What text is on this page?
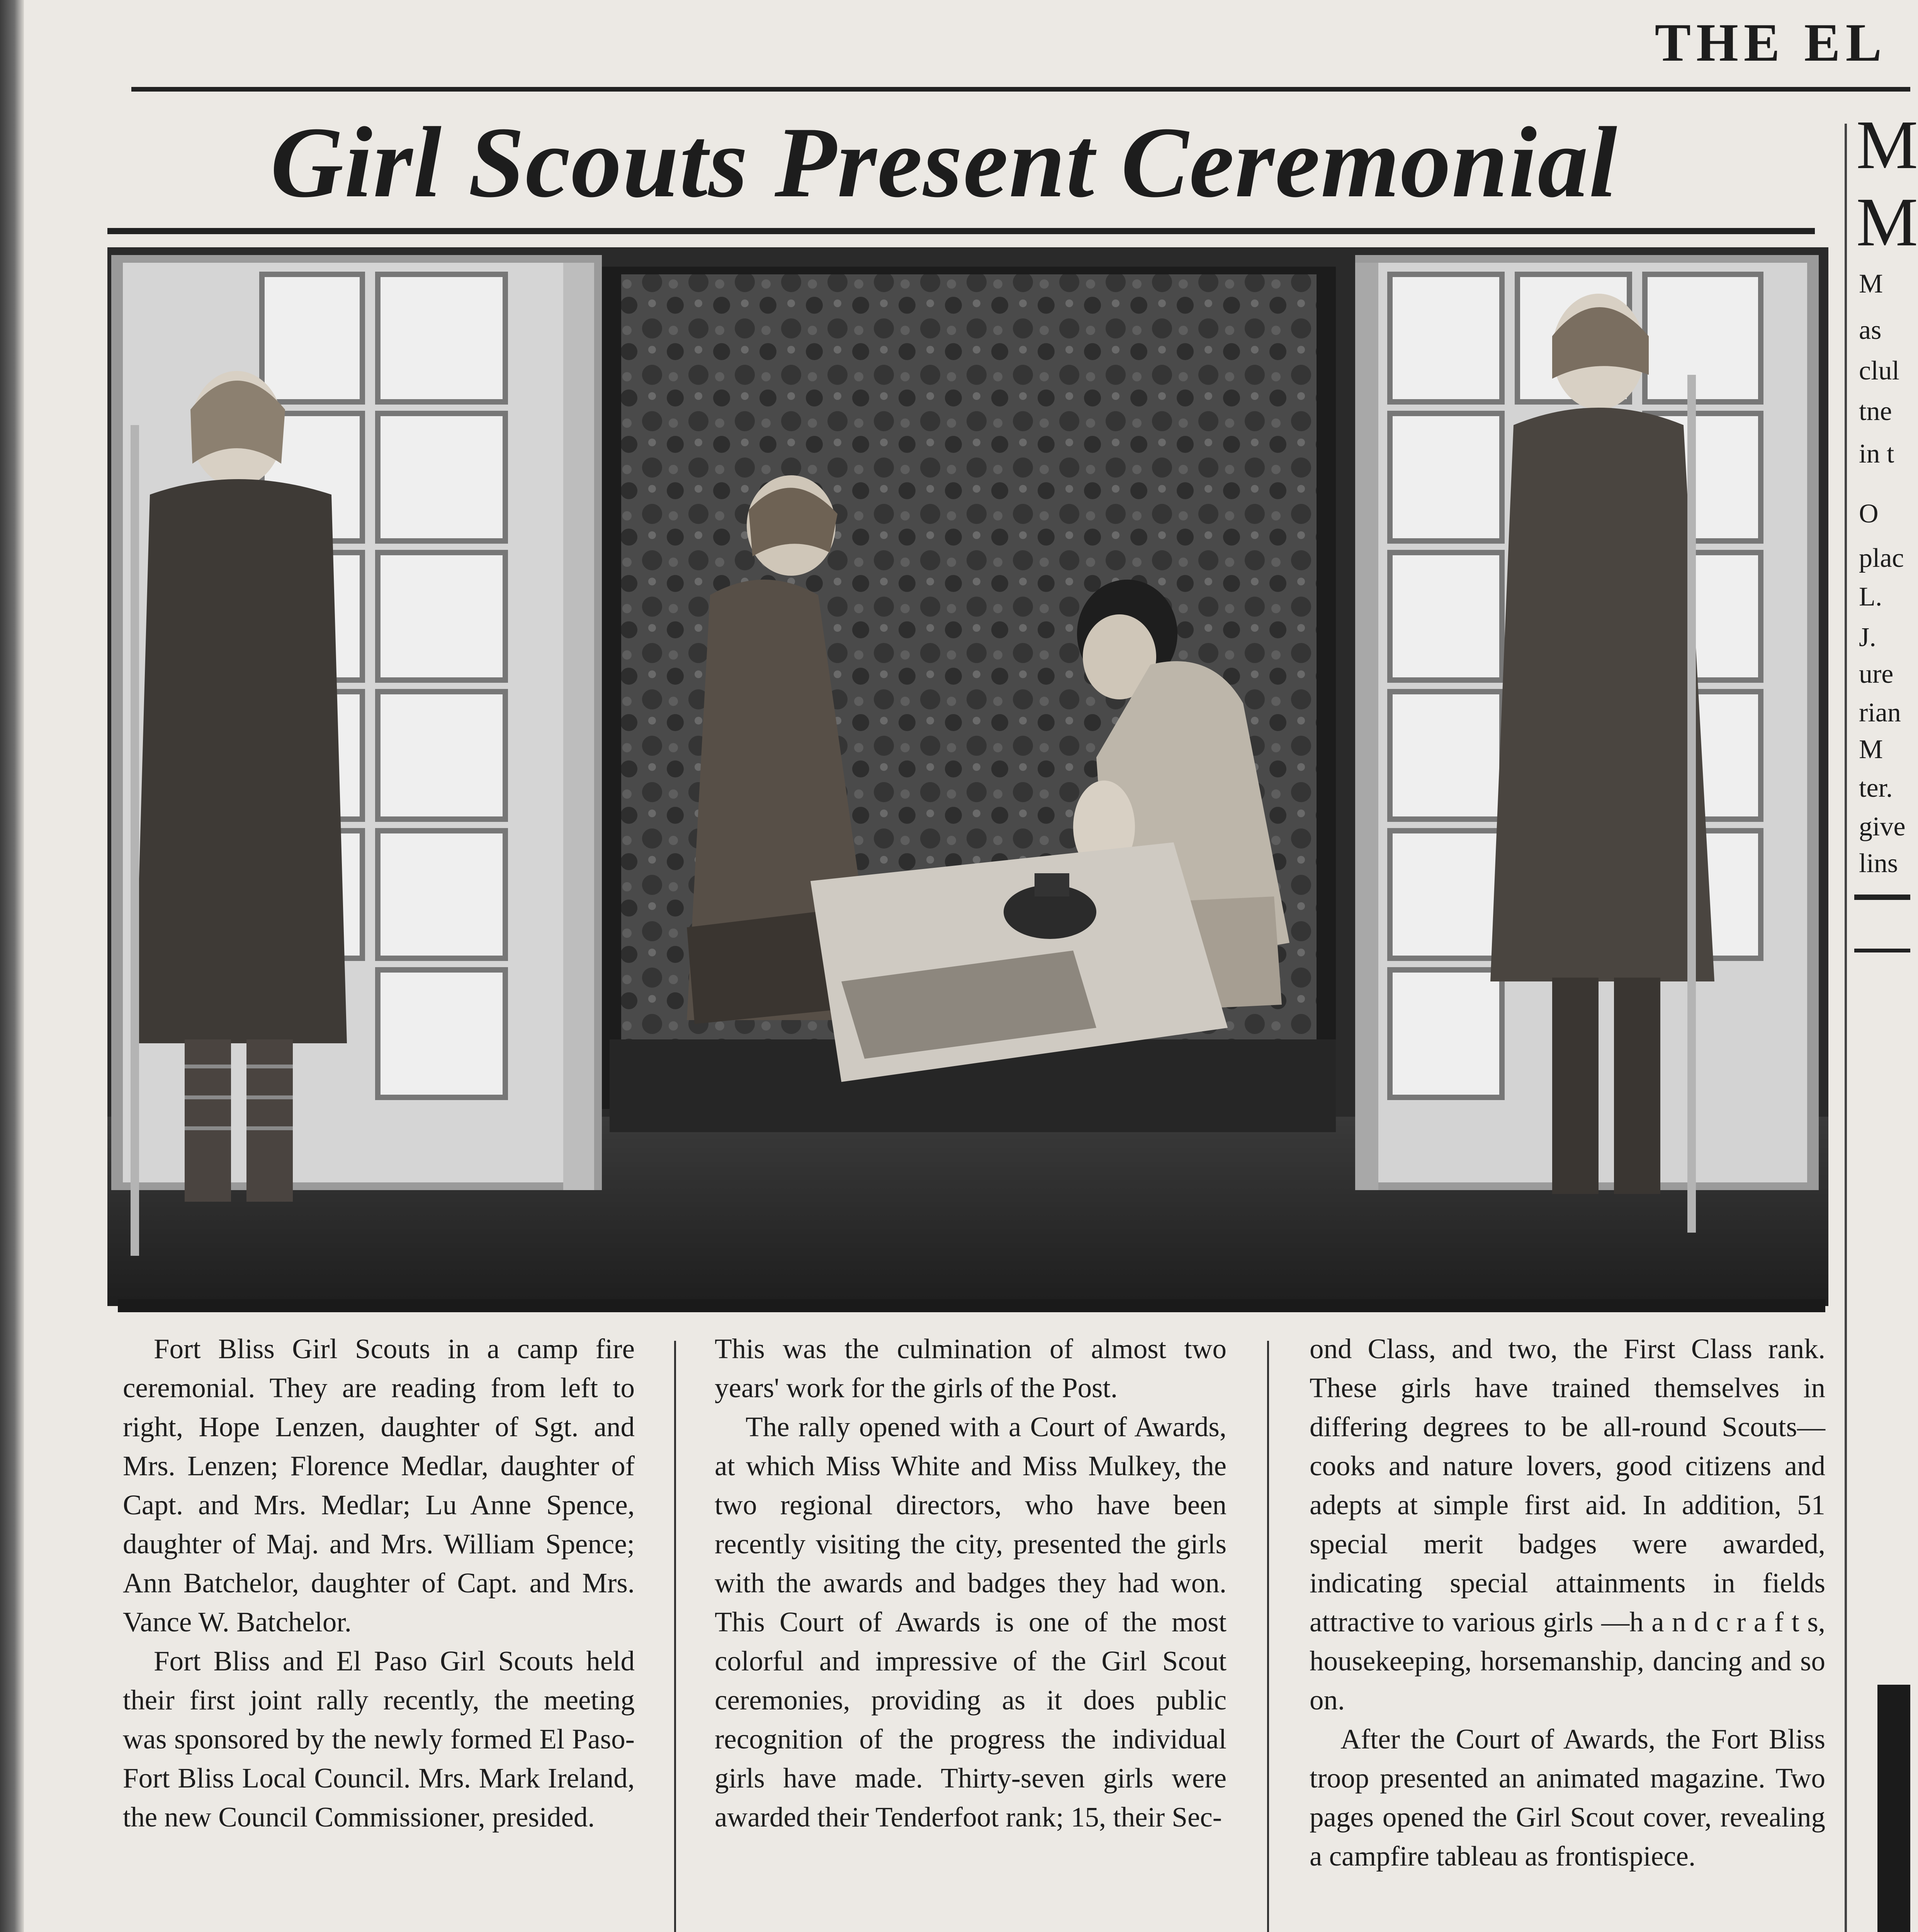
THE EL
Girl Scouts Present Ceremonial

Fort Bliss Girl Scouts in a camp fire ceremonial. They are reading from left to right, Hope Lenzen, daughter of Sgt. and Mrs. Lenzen; Florence Medlar, daughter of Capt. and Mrs. Medlar; Lu Anne Spence, daughter of Maj. and Mrs. William Spence; Ann Batchelor, daughter of Capt. and Mrs. Vance W. Batchelor.

Fort Bliss and El Paso Girl Scouts held their first joint rally recently, the meeting was sponsored by the newly formed El Paso-Fort Bliss Local Council. Mrs. Mark Ireland, the new Council Commissioner, presided.

This was the culmination of almost two years' work for the girls of the Post.

The rally opened with a Court of Awards, at which Miss White and Miss Mulkey, the two regional directors, who have been recently visiting the city, presented the girls with the awards and badges they had won. This Court of Awards is one of the most colorful and impressive of the Girl Scout ceremonies, providing as it does public recognition of the progress the individual girls have made. Thirty-seven girls were awarded their Tenderfoot rank; 15, their Sec-

ond Class, and two, the First Class rank. These girls have trained themselves in differing degrees to be all-round Scouts— cooks and nature lovers, good citizens and adepts at simple first aid. In addition, 51 special merit badges were awarded, indicating special attainments in fields attractive to various girls —h a n d c r a f t s, housekeeping, horsemanship, dancing and so on.

After the Court of Awards, the Fort Bliss troop presented an animated magazine. Two pages opened the Girl Scout cover, revealing a campfire tableau as frontispiece.

M
M
M
as
clul
tne
in t
O
plac
L.
J.
ure
rian
M
ter.
give
lins
